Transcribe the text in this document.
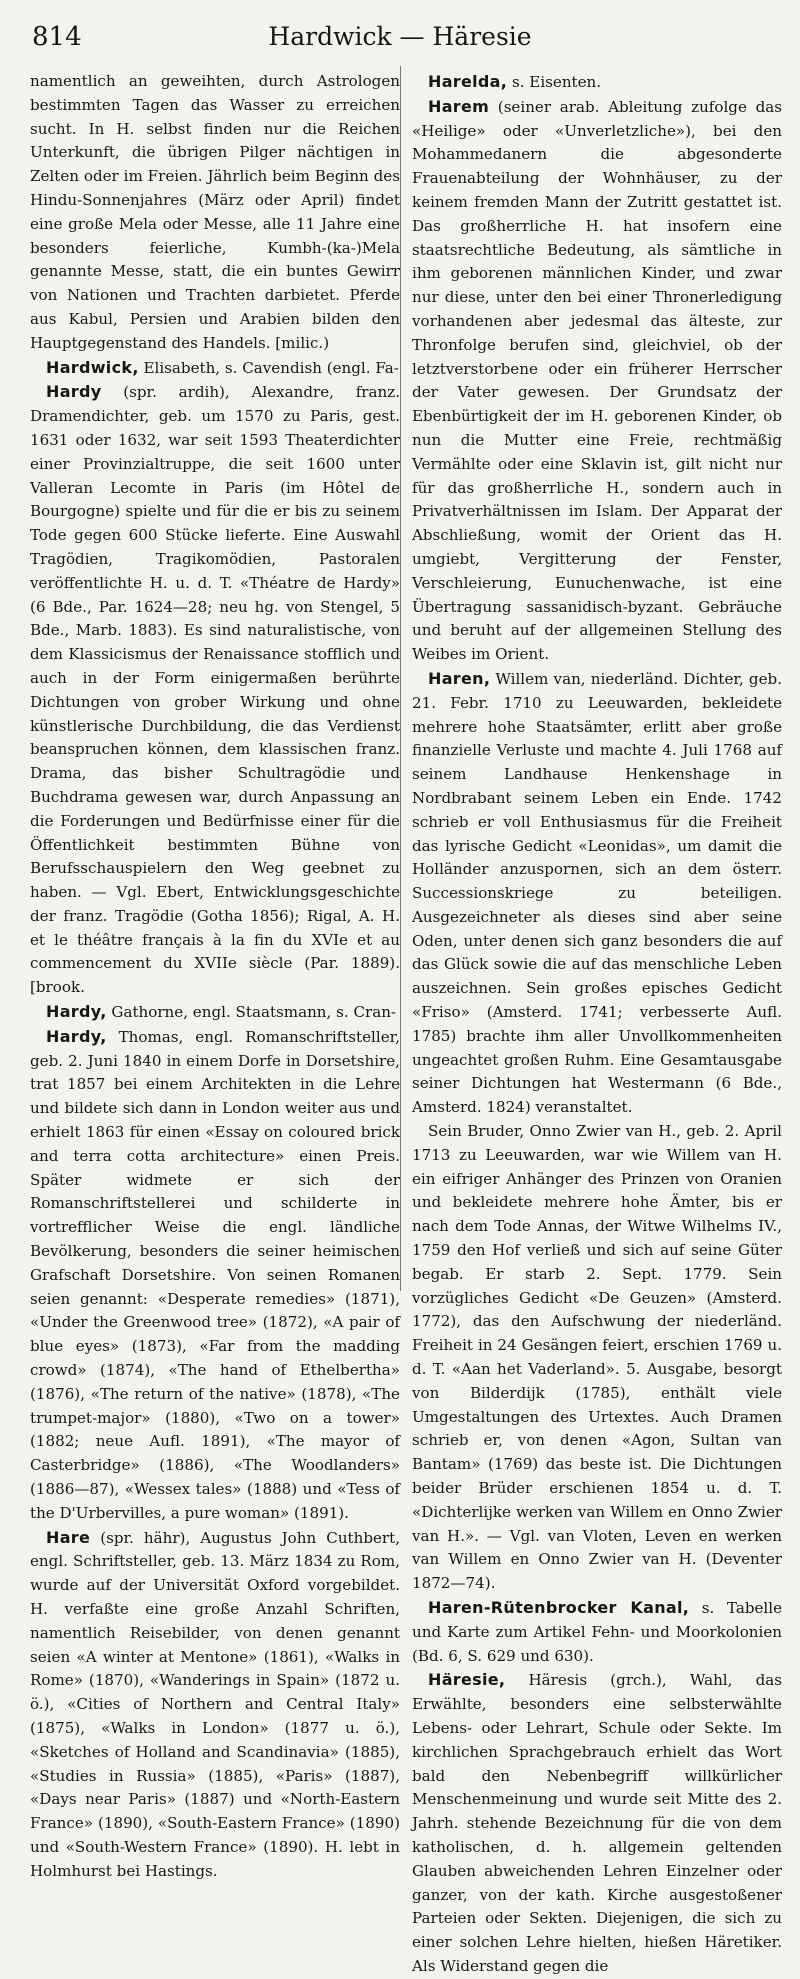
814	Hardwick — Häresie

namentlich an geweihten, durch Astrologen bestimmten Tagen das Wasser zu erreichen sucht. In H. selbst finden nur die Reichen Unterkunft, die übrigen Pilger nächtigen in Zelten oder im Freien. Jährlich beim Beginn des Hindu-Sonnenjahres (März oder April) findet eine große Mela oder Messe, alle 11 Jahre eine besonders feierliche, Kumbh-(ka-)Mela genannte Messe, statt, die ein buntes Gewirr von Nationen und Trachten darbietet. Pferde aus Kabul, Persien und Arabien bilden den Hauptgegenstand des Handels. [milic.)

Hardwick, Elisabeth, s. Cavendish (engl. Fa-

Hardy (spr. ardih), Alexandre, franz. Dramendichter, geb. um 1570 zu Paris, gest. 1631 oder 1632, war seit 1593 Theaterdichter einer Provinzialtruppe, die seit 1600 unter Valleran Lecomte in Paris (im Hôtel de Bourgogne) spielte und für die er bis zu seinem Tode gegen 600 Stücke lieferte. Eine Auswahl Tragödien, Tragikomödien, Pastoralen veröffentlichte H. u. d. T. «Théatre de Hardy» (6 Bde., Par. 1624—28; neu hg. von Stengel, 5 Bde., Marb. 1883). Es sind naturalistische, von dem Klassicismus der Renaissance stofflich und auch in der Form einigermaßen berührte Dichtungen von grober Wirkung und ohne künstlerische Durchbildung, die das Verdienst beanspruchen können, dem klassischen franz. Drama, das bisher Schultragödie und Buchdrama gewesen war, durch Anpassung an die Forderungen und Bedürfnisse einer für die Öffentlichkeit bestimmten Bühne von Berufsschauspielern den Weg geebnet zu haben. — Vgl. Ebert, Entwicklungsgeschichte der franz. Tragödie (Gotha 1856); Rigal, A. H. et le théâtre français à la fin du XVIe et au commencement du XVIIe siècle (Par. 1889). [brook.

Hardy, Gathorne, engl. Staatsmann, s. Cran-

Hardy, Thomas, engl. Romanschriftsteller, geb. 2. Juni 1840 in einem Dorfe in Dorsetshire, trat 1857 bei einem Architekten in die Lehre und bildete sich dann in London weiter aus und erhielt 1863 für einen «Essay on coloured brick and terra cotta architecture» einen Preis. Später widmete er sich der Romanschriftstellerei und schilderte in vortrefflicher Weise die engl. ländliche Bevölkerung, besonders die seiner heimischen Grafschaft Dorsetshire. Von seinen Romanen seien genannt: «Desperate remedies» (1871), «Under the Greenwood tree» (1872), «A pair of blue eyes» (1873), «Far from the madding crowd» (1874), «The hand of Ethelbertha» (1876), «The return of the native» (1878), «The trumpet-major» (1880), «Two on a tower» (1882; neue Aufl. 1891), «The mayor of Casterbridge» (1886), «The Woodlanders» (1886—87), «Wessex tales» (1888) und «Tess of the D'Urbervilles, a pure woman» (1891).

Hare (spr. hähr), Augustus John Cuthbert, engl. Schriftsteller, geb. 13. März 1834 zu Rom, wurde auf der Universität Oxford vorgebildet. H. verfaßte eine große Anzahl Schriften, namentlich Reisebilder, von denen genannt seien «A winter at Mentone» (1861), «Walks in Rome» (1870), «Wanderings in Spain» (1872 u. ö.), «Cities of Northern and Central Italy» (1875), «Walks in London» (1877 u. ö.), «Sketches of Holland and Scandinavia» (1885), «Studies in Russia» (1885), «Paris» (1887), «Days near Paris» (1887) und «North-Eastern France» (1890), «South-Eastern France» (1890) und «South-Western France» (1890). H. lebt in Holmhurst bei Hastings.

Harelda, s. Eisenten.

Harem (seiner arab. Ableitung zufolge das «Heilige» oder «Unverletzliche»), bei den Mohammedanern die abgesonderte Frauenabteilung der Wohnhäuser, zu der keinem fremden Mann der Zutritt gestattet ist. Das großherrliche H. hat insofern eine staatsrechtliche Bedeutung, als sämtliche in ihm geborenen männlichen Kinder, und zwar nur diese, unter den bei einer Thronerledigung vorhandenen aber jedesmal das älteste, zur Thronfolge berufen sind, gleichviel, ob der letztverstorbene oder ein früherer Herrscher der Vater gewesen. Der Grundsatz der Ebenbürtigkeit der im H. geborenen Kinder, ob nun die Mutter eine Freie, rechtmäßig Vermählte oder eine Sklavin ist, gilt nicht nur für das großherrliche H., sondern auch in Privatverhältnissen im Islam. Der Apparat der Abschließung, womit der Orient das H. umgiebt, Vergitterung der Fenster, Verschleierung, Eunuchenwache, ist eine Übertragung sassanidisch-byzant. Gebräuche und beruht auf der allgemeinen Stellung des Weibes im Orient.

Haren, Willem van, niederländ. Dichter, geb. 21. Febr. 1710 zu Leeuwarden, bekleidete mehrere hohe Staatsämter, erlitt aber große finanzielle Verluste und machte 4. Juli 1768 auf seinem Landhause Henkenshage in Nordbrabant seinem Leben ein Ende. 1742 schrieb er voll Enthusiasmus für die Freiheit das lyrische Gedicht «Leonidas», um damit die Holländer anzuspornen, sich an dem österr. Successionskriege zu beteiligen. Ausgezeichneter als dieses sind aber seine Oden, unter denen sich ganz besonders die auf das Glück sowie die auf das menschliche Leben auszeichnen. Sein großes episches Gedicht «Friso» (Amsterd. 1741; verbesserte Aufl. 1785) brachte ihm aller Unvollkommenheiten ungeachtet großen Ruhm. Eine Gesamtausgabe seiner Dichtungen hat Westermann (6 Bde., Amsterd. 1824) veranstaltet.

Sein Bruder, Onno Zwier van H., geb. 2. April 1713 zu Leeuwarden, war wie Willem van H. ein eifriger Anhänger des Prinzen von Oranien und bekleidete mehrere hohe Ämter, bis er nach dem Tode Annas, der Witwe Wilhelms IV., 1759 den Hof verließ und sich auf seine Güter begab. Er starb 2. Sept. 1779. Sein vorzügliches Gedicht «De Geuzen» (Amsterd. 1772), das den Aufschwung der niederländ. Freiheit in 24 Gesängen feiert, erschien 1769 u. d. T. «Aan het Vaderland». 5. Ausgabe, besorgt von Bilderdijk (1785), enthält viele Umgestaltungen des Urtextes. Auch Dramen schrieb er, von denen «Agon, Sultan van Bantam» (1769) das beste ist. Die Dichtungen beider Brüder erschienen 1854 u. d. T. «Dichterlijke werken van Willem en Onno Zwier van H.». — Vgl. van Vloten, Leven en werken van Willem en Onno Zwier van H. (Deventer 1872—74).

Haren-Rütenbrocker Kanal, s. Tabelle und Karte zum Artikel Fehn- und Moorkolonien (Bd. 6, S. 629 und 630).

Häresie, Häresis (grch.), Wahl, das Erwählte, besonders eine selbsterwählte Lebens- oder Lehrart, Schule oder Sekte. Im kirchlichen Sprachgebrauch erhielt das Wort bald den Nebenbegriff willkürlicher Menschenmeinung und wurde seit Mitte des 2. Jahrh. stehende Bezeichnung für die von dem katholischen, d. h. allgemein geltenden Glauben abweichenden Lehren Einzelner oder ganzer, von der kath. Kirche ausgestoßener Parteien oder Sekten. Diejenigen, die sich zu einer solchen Lehre hielten, hießen Häretiker. Als Widerstand gegen die
